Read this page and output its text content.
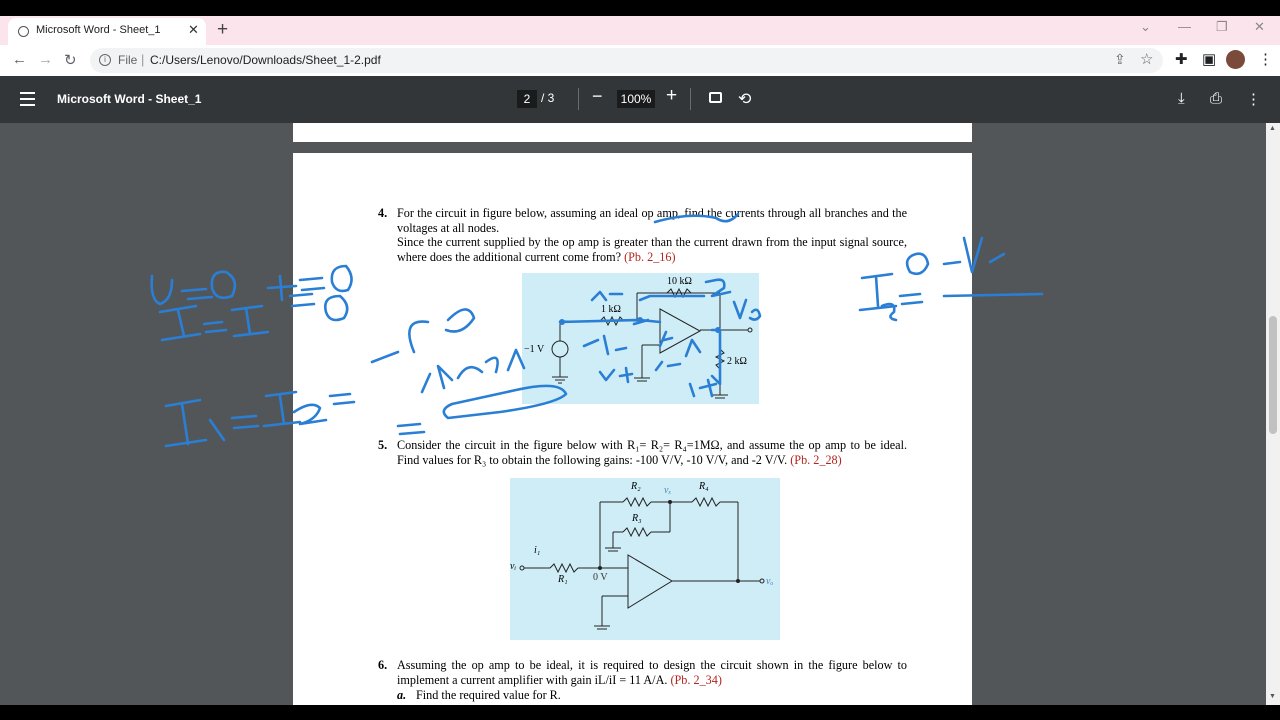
Microsoft Word - Sheet_1 ✕ +	⌄ — ❐ ✕
← → ↻	i	File | C:/Users/Lenovo/Downloads/Sheet_1-2.pdf	⇪ ☆ ✚ ▣	⋮
Microsoft Word - Sheet_1	2 / 3 −	100% +	⟲	⤓ ⎙ ⋮
▲
▼
4. For the circuit in figure below, assuming an ideal op amp, find the currents through all branches and the voltages at all nodes.
Since the current supplied by the op amp is greater than the current drawn from the input signal source, where does the additional current come from? (Pb. 2_16)
10 kΩ
1 kΩ
−1 V
2 kΩ
5. Consider the circuit in the figure below with R₁= R₂= R₄=1MΩ, and assume the op amp to be ideal. Find values for R₃ to obtain the following gains: -100 V/V, -10 V/V, and -2 V/V. (Pb. 2_28)
R₂ vₓ	R₄
R₃
i₁
vᵢ
R₁	0 V	vₒ
6. Assuming the op amp to be ideal, it is required to design the circuit shown in the figure below to implement a current amplifier with gain iL/iI = 11 A/A. (Pb. 2_34)
a. Find the required value for R.
